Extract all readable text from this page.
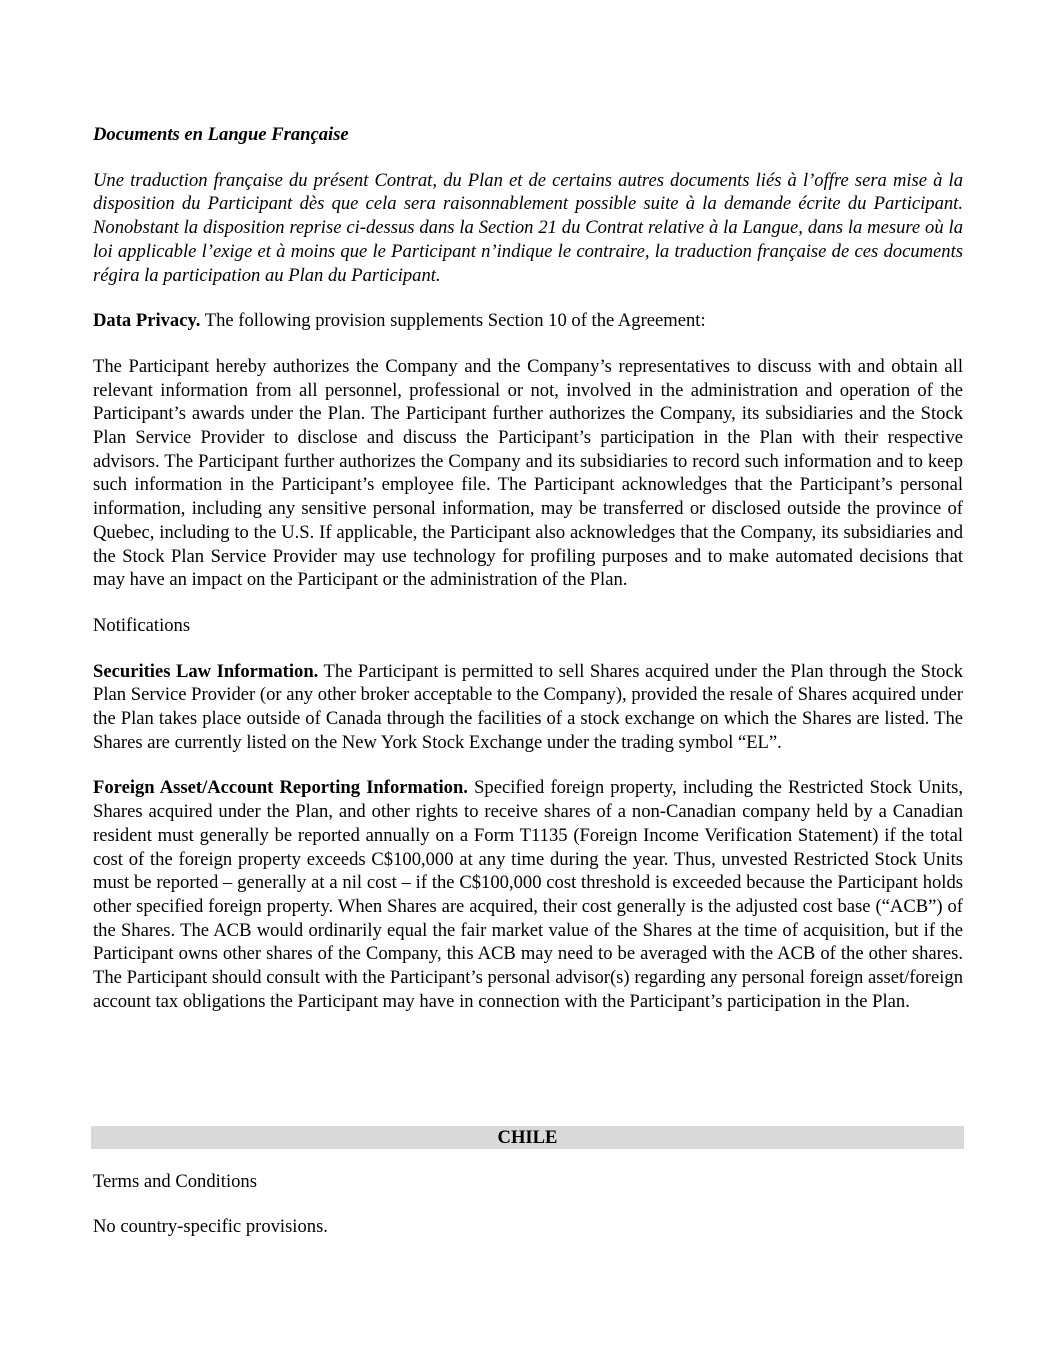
Documents en Langue Française

Une traduction française du présent Contrat, du Plan et de certains autres documents liés à l’offre sera mise à la disposition du Participant dès que cela sera raisonnablement possible suite à la demande écrite du Participant. Nonobstant la disposition reprise ci-dessus dans la Section 21 du Contrat relative à la Langue, dans la mesure où la loi applicable l’exige et à moins que le Participant n’indique le contraire, la traduction française de ces documents régira la participation au Plan du Participant.

Data Privacy. The following provision supplements Section 10 of the Agreement:

The Participant hereby authorizes the Company and the Company’s representatives to discuss with and obtain all relevant information from all personnel, professional or not, involved in the administration and operation of the Participant’s awards under the Plan. The Participant further authorizes the Company, its subsidiaries and the Stock Plan Service Provider to disclose and discuss the Participant’s participation in the Plan with their respective advisors. The Participant further authorizes the Company and its subsidiaries to record such information and to keep such information in the Participant’s employee file. The Participant acknowledges that the Participant’s personal information, including any sensitive personal information, may be transferred or disclosed outside the province of Quebec, including to the U.S. If applicable, the Participant also acknowledges that the Company, its subsidiaries and the Stock Plan Service Provider may use technology for profiling purposes and to make automated decisions that may have an impact on the Participant or the administration of the Plan.

Notifications

Securities Law Information. The Participant is permitted to sell Shares acquired under the Plan through the Stock Plan Service Provider (or any other broker acceptable to the Company), provided the resale of Shares acquired under the Plan takes place outside of Canada through the facilities of a stock exchange on which the Shares are listed. The Shares are currently listed on the New York Stock Exchange under the trading symbol “EL”.

Foreign Asset/Account Reporting Information. Specified foreign property, including the Restricted Stock Units, Shares acquired under the Plan, and other rights to receive shares of a non-Canadian company held by a Canadian resident must generally be reported annually on a Form T1135 (Foreign Income Verification Statement) if the total cost of the foreign property exceeds C$100,000 at any time during the year. Thus, unvested Restricted Stock Units must be reported – generally at a nil cost – if the C$100,000 cost threshold is exceeded because the Participant holds other specified foreign property. When Shares are acquired, their cost generally is the adjusted cost base (“ACB”) of the Shares. The ACB would ordinarily equal the fair market value of the Shares at the time of acquisition, but if the Participant owns other shares of the Company, this ACB may need to be averaged with the ACB of the other shares. The Participant should consult with the Participant’s personal advisor(s) regarding any personal foreign asset/foreign account tax obligations the Participant may have in connection with the Participant’s participation in the Plan.

CHILE

Terms and Conditions

No country-specific provisions.
